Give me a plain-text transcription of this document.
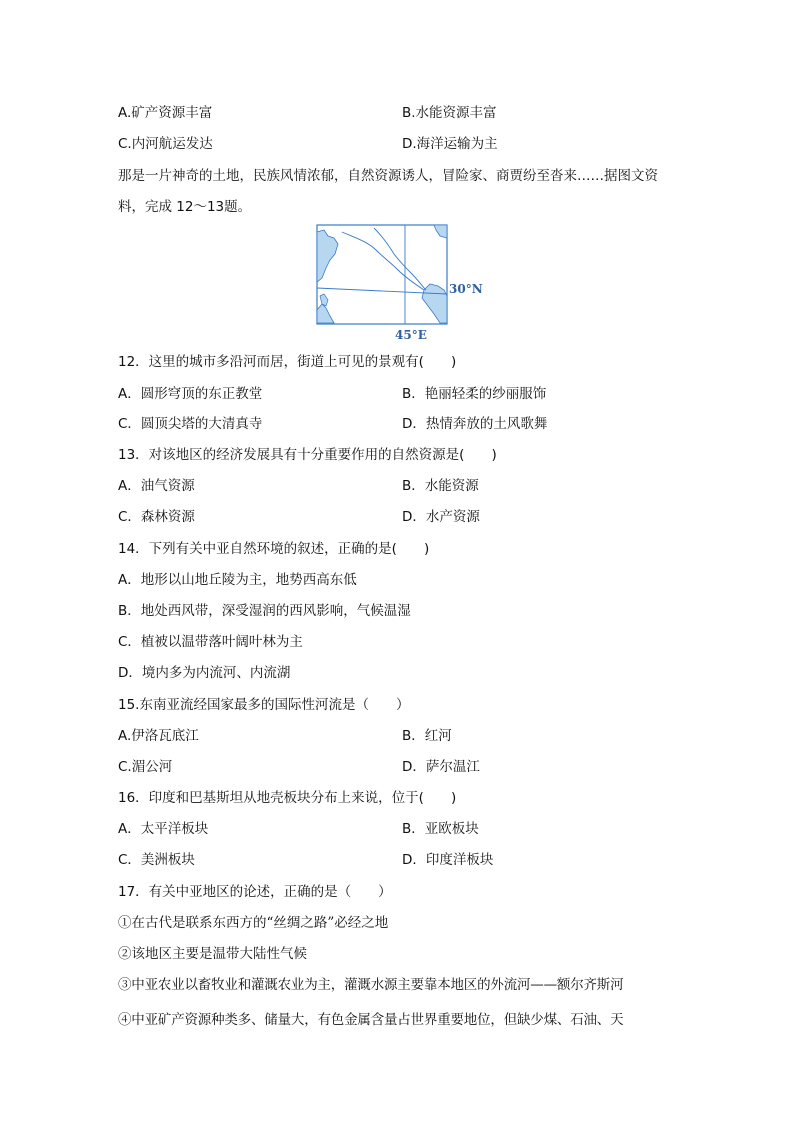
A.矿产资源丰富	B.水能资源丰富
C.内河航运发达	D.海洋运输为主
那是一片神奇的土地，民族风情浓郁，自然资源诱人，冒险家、商贾纷至沓来……据图文资
料，完成 12～13题。
30°N
45°E
12．这里的城市多沿河而居，街道上可见的景观有(　　)
A．圆形穹顶的东正教堂	B．艳丽轻柔的纱丽服饰
C．圆顶尖塔的大清真寺	D．热情奔放的土风歌舞
13．对该地区的经济发展具有十分重要作用的自然资源是(　　)
A．油气资源	B．水能资源
C．森林资源	D．水产资源
14．下列有关中亚自然环境的叙述，正确的是(　　)
A．地形以山地丘陵为主，地势西高东低
B．地处西风带，深受湿润的西风影响，气候温湿
C．植被以温带落叶阔叶林为主
D．境内多为内流河、内流湖
15.东南亚流经国家最多的国际性河流是（　　）
A.伊洛瓦底江	B．红河
C.湄公河	D．萨尔温江
16．印度和巴基斯坦从地壳板块分布上来说，位于(　　)
A．太平洋板块	B．亚欧板块
C．美洲板块	D．印度洋板块
17．有关中亚地区的论述，正确的是（　　）
①在古代是联系东西方的“丝绸之路”必经之地
②该地区主要是温带大陆性气候
③中亚农业以畜牧业和灌溉农业为主，灌溉水源主要靠本地区的外流河——额尔齐斯河
④中亚矿产资源种类多、储量大，有色金属含量占世界重要地位，但缺少煤、石油、天
